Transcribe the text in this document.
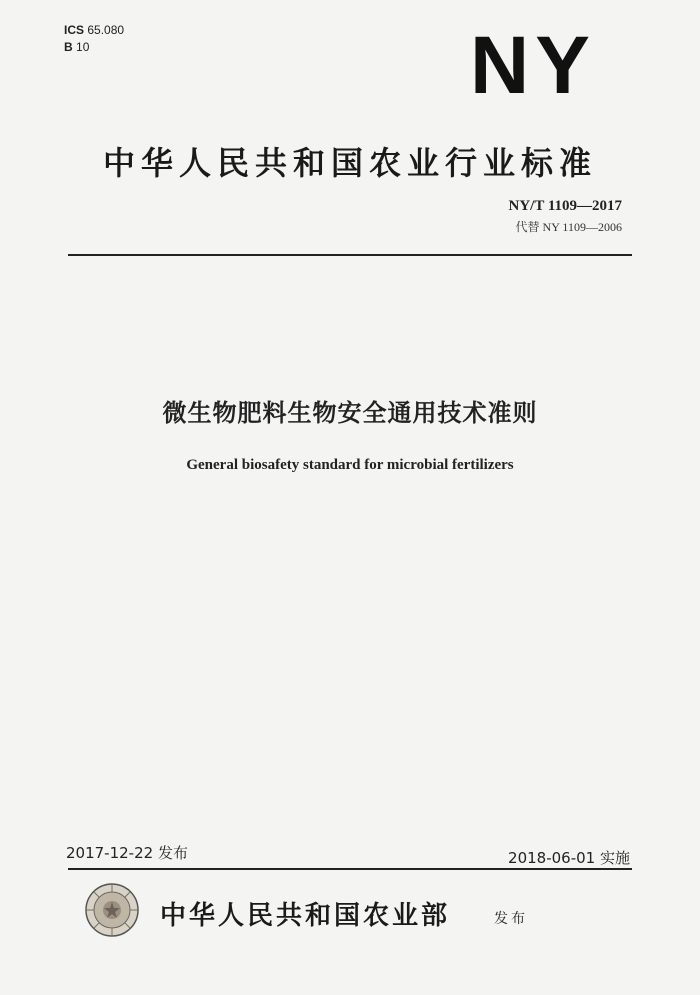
ICS 65.080
B 10	NY
中华人民共和国农业行业标准
NY/T 1109—2017
代替 NY 1109—2006
微生物肥料生物安全通用技术准则
General biosafety standard for microbial fertilizers
2017-12-22 发布	2018-06-01 实施
中华人民共和国农业部	发布
